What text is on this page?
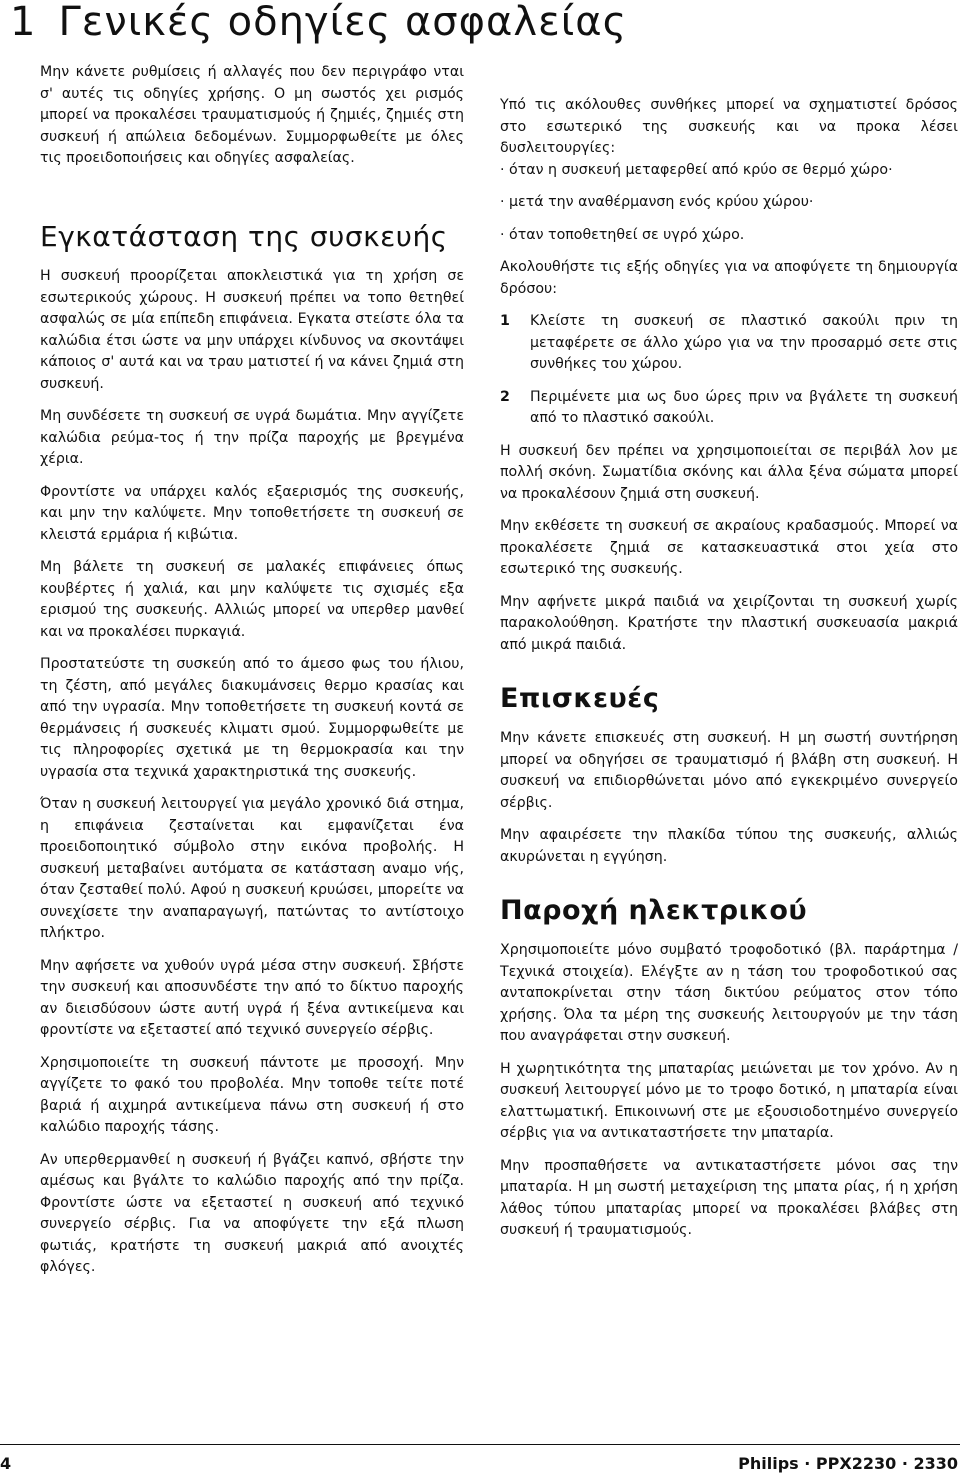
1 Γενικές οδηγίες ασφαλείας

Μην κάνετε ρυθμίσεις ή αλλαγές που δεν περιγράφο νται σ' αυτές τις οδηγίες χρήσης. Ο μη σωστός χει ρισμός μπορεί να προκαλέσει τραυματισμούς ή ζημιές, ζημιές στη συσκευή ή απώλεια δεδομένων. Συμμορφωθείτε με όλες τις προειδοποιήσεις και οδηγίες ασφαλείας.

Εγκατάσταση της συσκευής

Η συσκευή προορίζεται αποκλειστικά για τη χρήση σε εσωτερικούς χώρους. Η συσκευή πρέπει να τοπο θετηθεί ασφαλώς σε μία επίπεδη επιφάνεια. Εγκατα στείστε όλα τα καλώδια έτσι ώστε να μην υπάρχει κίνδυνος να σκοντάψει κάποιος σ' αυτά και να τραυ ματιστεί ή να κάνει ζημιά στη συσκευή.

Μη συνδέσετε τη συσκευή σε υγρά δωμάτια. Μην αγγίζετε καλώδια ρεύμα-τος ή την πρίζα παροχής με βρεγμένα χέρια.

Φροντίστε να υπάρχει καλός εξαερισμός της συσκευής, και μην την καλύψετε. Μην τοποθετήσετε τη συσκευή σε κλειστά ερμάρια ή κιβώτια.

Μη βάλετε τη συσκευή σε μαλακές επιφάνειες όπως κουβέρτες ή χαλιά, και μην καλύψετε τις σχισμές εξα ερισμού της συσκευής. Αλλιώς μπορεί να υπερθερ μανθεί και να προκαλέσει πυρκαγιά.

Προστατεύστε τη συσκεύη από το άμεσο φως του ήλιου, τη ζέστη, από μεγάλες διακυμάνσεις θερμο κρασίας και από την υγρασία. Μην τοποθετήσετε τη συσκευή κοντά σε θερμάνσεις ή συσκευές κλιματι σμού. Συμμορφωθείτε με τις πληροφορίες σχετικά με τη θερμοκρασία και την υγρασία στα τεχνικά χαρακτηριστικά της συσκευής.

Όταν η συσκευή λειτουργεί για μεγάλο χρονικό διά στημα, η επιφάνεια ζεσταίνεται και εμφανίζεται ένα προειδοποιητικό σύμβολο στην εικόνα προβολής. Η συσκευή μεταβαίνει αυτόματα σε κατάσταση αναμο νής, όταν ζεσταθεί πολύ. Αφού η συσκευή κρυώσει, μπορείτε να συνεχίσετε την αναπαραγωγή, πατώντας το αντίστοιχο πλήκτρο.

Μην αφήσετε να χυθούν υγρά μέσα στην συσκευή. Σβήστε την συσκευή και αποσυνδέστε την από το δίκτυο παροχής αν διεισδύσουν ώστε αυτή υγρά ή ξένα αντικείμενα και φροντίστε να εξεταστεί από τεχνικό συνεργείο σέρβις.

Χρησιμοποιείτε τη συσκευή πάντοτε με προσοχή. Μην αγγίζετε το φακό του προβολέα. Μην τοποθε τείτε ποτέ βαριά ή αιχμηρά αντικείμενα πάνω στη συσκευή ή στο καλώδιο παροχής τάσης.

Αν υπερθερμανθεί η συσκευή ή βγάζει καπνό, σβήστε την αμέσως και βγάλτε το καλώδιο παροχής από την πρίζα. Φροντίστε ώστε να εξεταστεί η συσκευή από τεχνικό συνεργείο σέρβις. Για να αποφύγετε την εξά πλωση φωτιάς, κρατήστε τη συσκευή μακριά από ανοιχτές φλόγες.

Υπό τις ακόλουθες συνθήκες μπορεί να σχηματιστεί δρόσος στο εσωτερικό της συσκευής και να προκα λέσει δυσλειτουργίες:

· όταν η συσκευή μεταφερθεί από κρύο σε θερμό χώρο·

· μετά την αναθέρμανση ενός κρύου χώρου·

· όταν τοποθετηθεί σε υγρό χώρο.

Ακολουθήστε τις εξής οδηγίες για να αποφύγετε τη δημιουργία δρόσου:

1 Κλείστε τη συσκευή σε πλαστικό σακούλι πριν τη μεταφέρετε σε άλλο χώρο για να την προσαρμό σετε στις συνθήκες του χώρου.
2 Περιμένετε μια ως δυο ώρες πριν να βγάλετε τη συσκευή από το πλαστικό σακούλι.

Η συσκευή δεν πρέπει να χρησιμοποιείται σε περιβάλ λον με πολλή σκόνη. Σωματίδια σκόνης και άλλα ξένα σώματα μπορεί να προκαλέσουν ζημιά στη συσκευή.

Μην εκθέσετε τη συσκευή σε ακραίους κραδασμούς. Μπορεί να προκαλέσετε ζημιά σε κατασκευαστικά στοι χεία στο εσωτερικό της συσκευής.

Μην αφήνετε μικρά παιδιά να χειρίζονται τη συσκευή χωρίς παρακολούθηση. Κρατήστε την πλαστική συσκευασία μακριά από μικρά παιδιά.

Επισκευές

Μην κάνετε επισκευές στη συσκευή. Η μη σωστή συντήρηση μπορεί να οδηγήσει σε τραυματισμό ή βλάβη στη συσκευή. Η συσκευή να επιδιορθώνεται μόνο από εγκεκριμένο συνεργείο σέρβις.

Μην αφαιρέσετε την πλακίδα τύπου της συσκευής, αλλιώς ακυρώνεται η εγγύηση.

Παροχή ηλεκτρικού

Χρησιμοποιείτε μόνο συμβατό τροφοδοτικό (βλ. παράρτημα / Τεχνικά στοιχεία). Ελέγξτε αν η τάση του τροφοδοτικού σας ανταποκρίνεται στην τάση δικτύου ρεύματος στον τόπο χρήσης. Όλα τα μέρη της συσκευής λειτουργούν με την τάση που αναγράφεται στην συσκευή.

Η χωρητικότητα της μπαταρίας μειώνεται με τον χρόνο. Αν η συσκευή λειτουργεί μόνο με το τροφο δοτικό, η μπαταρία είναι ελαττωματική. Επικοινωνή στε με εξουσιοδοτημένο συνεργείο σέρβις για να αντικαταστήσετε την μπαταρία.

Μην προσπαθήσετε να αντικαταστήσετε μόνοι σας την μπαταρία. Η μη σωστή μεταχείριση της μπατα ρίας, ή η χρήση λάθος τύπου μπαταρίας μπορεί να προκαλέσει βλάβες στη συσκευή ή τραυματισμούς.

4	Philips · PPX2230 · 2330
